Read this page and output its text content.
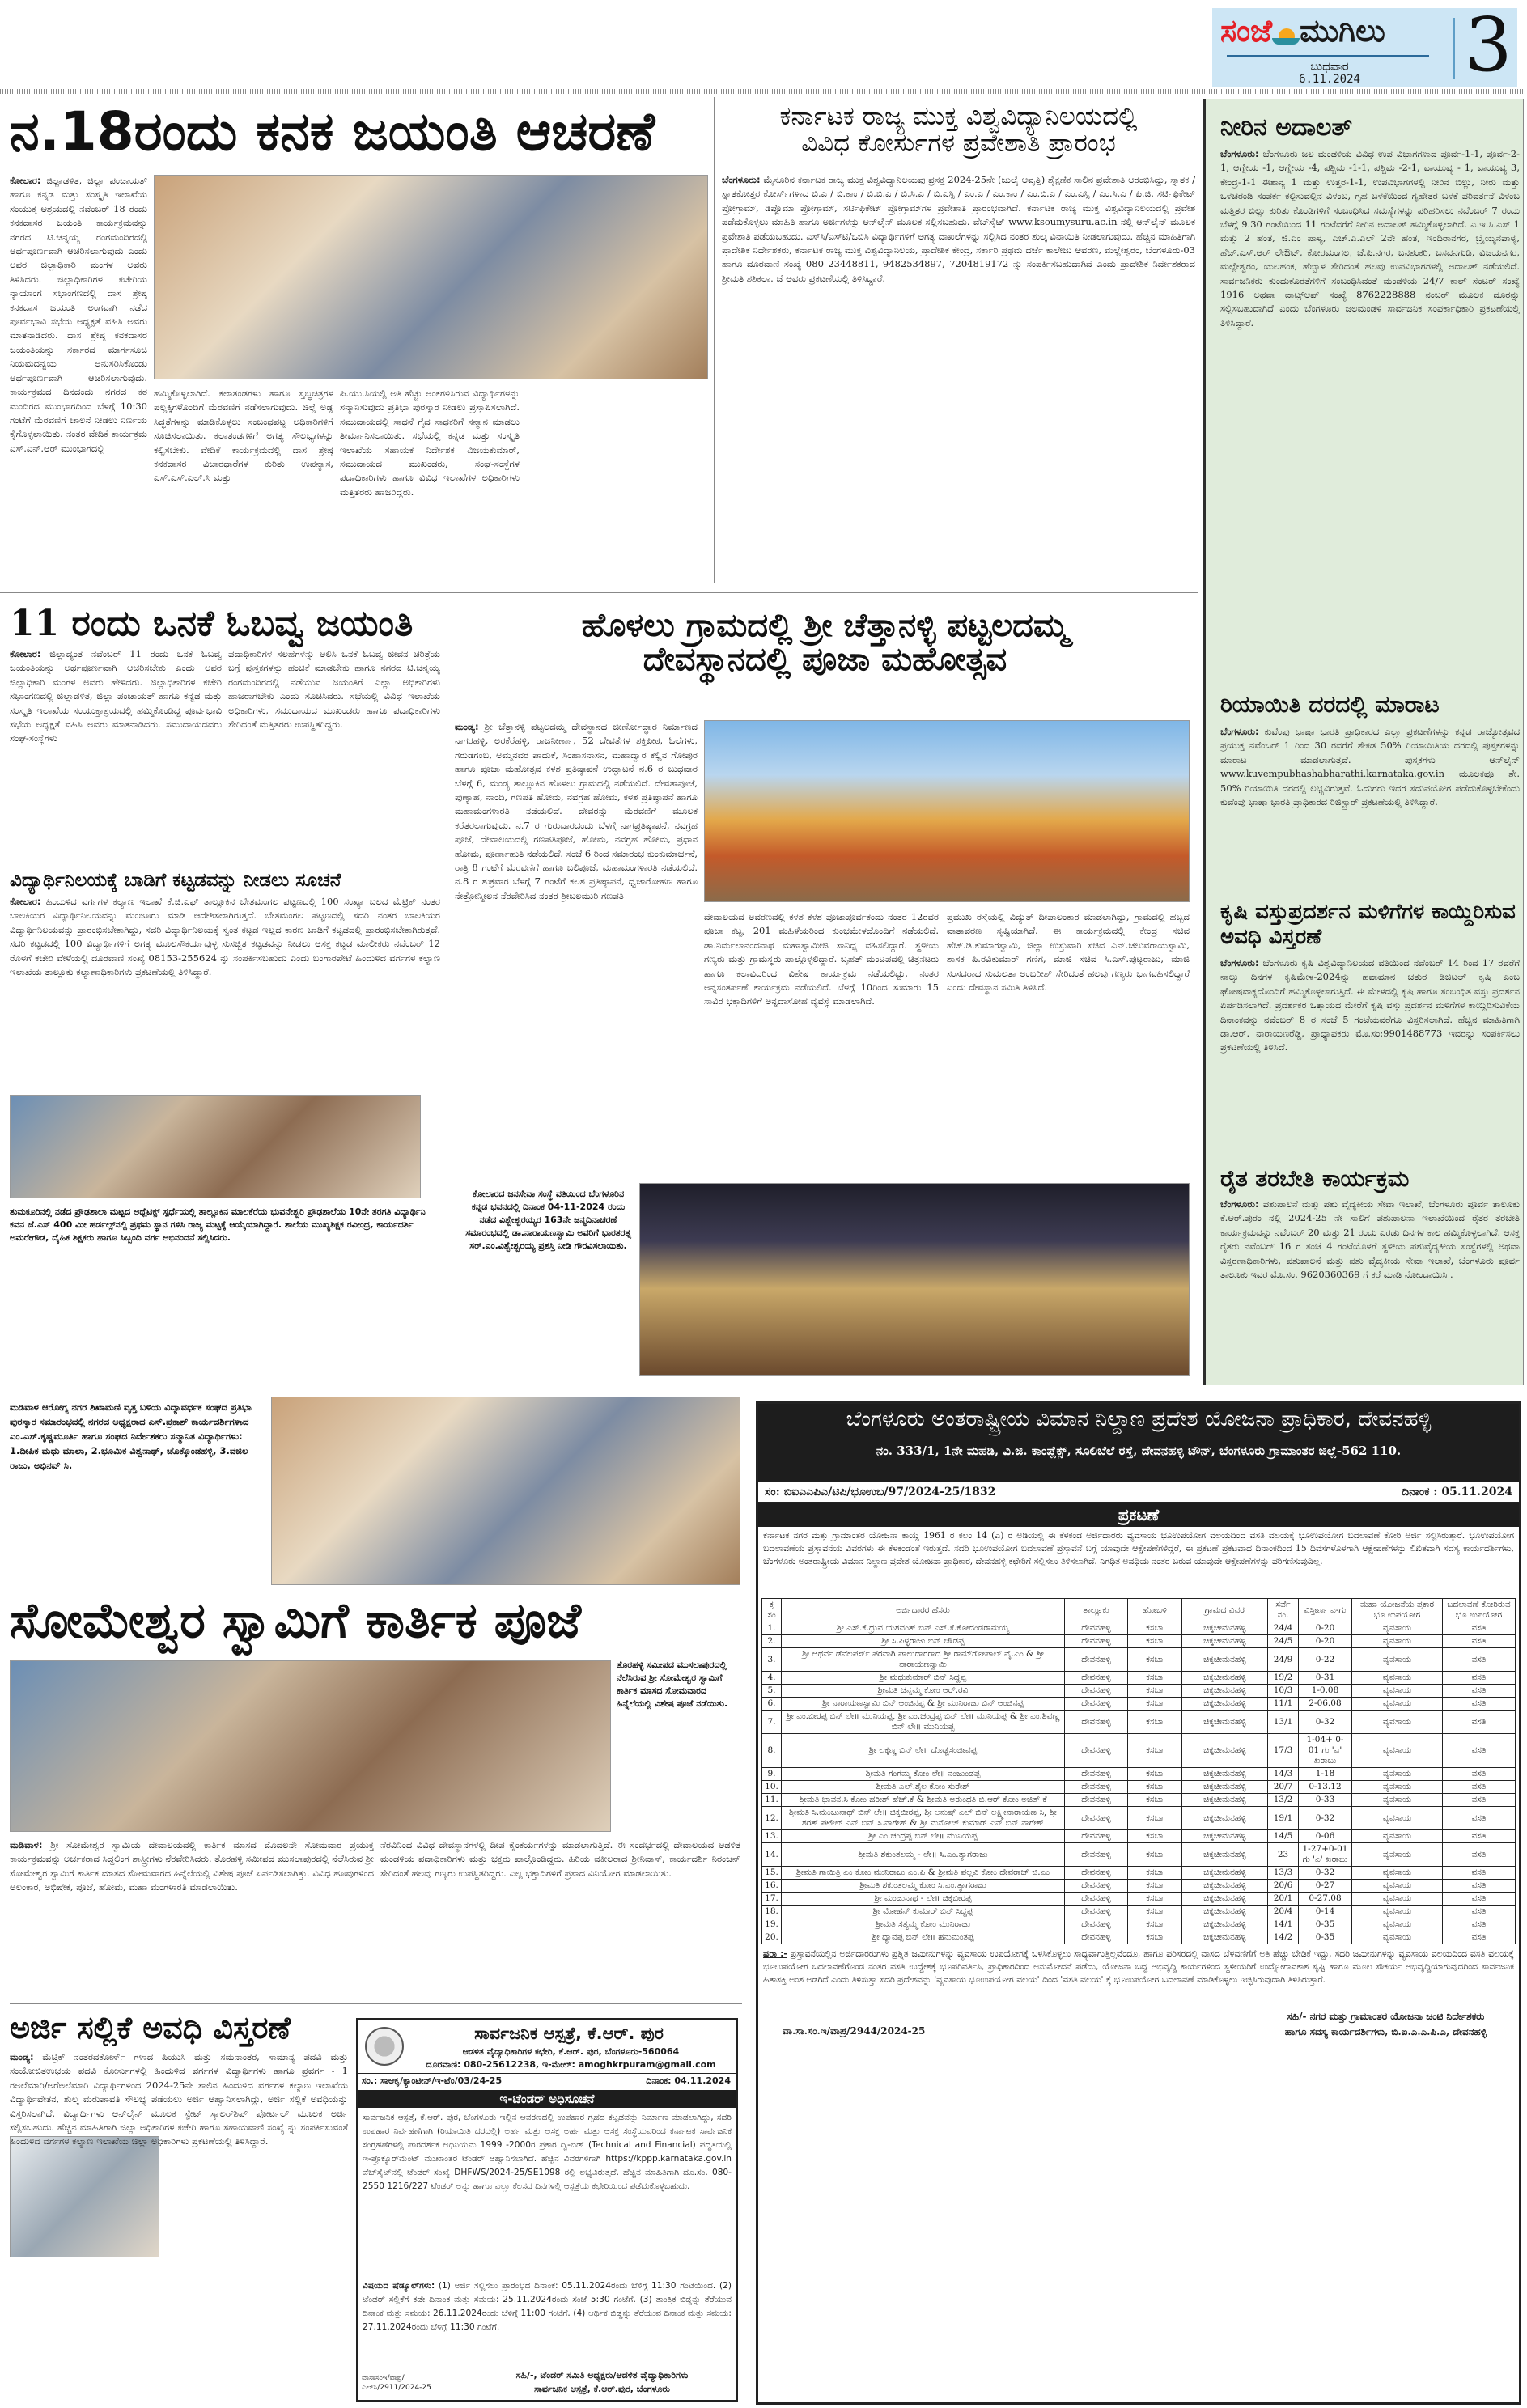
ಸಂಜೆ ಮುಗಿಲು
ಬುಧವಾರ
6.11.2024	3
ನ.18ರಂದು ಕನಕ ಜಯಂತಿ ಆಚರಣೆ
ಕೋಲಾರ: ಜಿಲ್ಲಾಡಳಿತ, ಜಿಲ್ಲಾ ಪಂಚಾಯತ್ ಹಾಗೂ ಕನ್ನಡ ಮತ್ತು ಸಂಸ್ಕೃತಿ ಇಲಾಖೆಯ ಸಂಯುಕ್ತ ಆಶ್ರಯದಲ್ಲಿ ನವೆಂಬರ್ 18 ರಂದು ಕನಕದಾಸರ ಜಯಂತಿ ಕಾರ್ಯಕ್ರಮವನ್ನು ನಗರದ ಟಿ.ಚನ್ನಯ್ಯ ರಂಗಮಂದಿರದಲ್ಲಿ ಅರ್ಥಪೂರ್ಣವಾಗಿ ಆಚರಿಸಲಾಗುವುದು ಎಂದು ಅಪರ ಜಿಲ್ಲಾಧಿಕಾರಿ ಮಂಗಳ ಅವರು ತಿಳಿಸಿದರು. ಜಿಲ್ಲಾಧಿಕಾರಿಗಳ ಕಚೇರಿಯ ನ್ಯಾಯಾಂಗ ಸಭಾಂಗಣದಲ್ಲಿ ದಾಸ ಶ್ರೇಷ್ಠ ಕನಕದಾಸ ಜಯಂತಿ ಅಂಗವಾಗಿ ನಡೆದ ಪೂರ್ವಭಾವಿ ಸಭೆಯ ಅಧ್ಯಕ್ಷತೆ ವಹಿಸಿ ಅವರು ಮಾತನಾಡಿದರು. ದಾಸ ಶ್ರೇಷ್ಠ ಕನಕದಾಸರ ಜಯಂತಿಯನ್ನು ಸರ್ಕಾರದ ಮಾರ್ಗಸೂಚಿ ನಿಯಮದನ್ವಯ ಅನುಸರಿಸಿಕೊಂಡು ಅರ್ಥಪೂರ್ಣವಾಗಿ ಆಚರಿಸಲಾಗುವುದು. ಕಾರ್ಯಕ್ರಮದ ದಿನದಂದು ನಗರದ ಕಠ ಮಂದಿರದ ಮುಂಭಾಗದಿಂದ ಬೆಳಗ್ಗೆ 10:30 ಗಂಟೆಗೆ ಮೆರವಣಿಗೆ ಚಾಲನೆ ನೀಡಲು ನಿರ್ಣಯ ಕೈಗೊಳ್ಳಲಾಯಿತು. ನಂತರ ವೇದಿಕೆ ಕಾರ್ಯಕ್ರಮ ಎಸ್.ಎನ್.ಆರ್ ಮುಂಭಾಗದಲ್ಲಿ
ಹಮ್ಮಿಕೊಳ್ಳಲಾಗಿದೆ. ಕಲಾತಂಡಗಳು ಹಾಗೂ ಸ್ತಬ್ಧಚಿತ್ರಗಳ ಪಲ್ಲಕ್ಕಿಗಳೊಂದಿಗೆ ಮೆರವಣಿಗೆ ನಡೆಸಲಾಗುವುದು. ಜಿಲ್ಲೆ ಅಡ್ಡ ಸಿದ್ಧತೆಗಳನ್ನು ಮಾಡಿಕೊಳ್ಳಲು ಸಂಬಂಧಪಟ್ಟ ಅಧಿಕಾರಿಗಳಿಗೆ ಸೂಚಿಸಲಾಯಿತು. ಕಲಾತಂಡಗಳಿಗೆ ಅಗತ್ಯ ಸೌಲಭ್ಯಗಳನ್ನು ಕಲ್ಪಿಸಬೇಕು. ವೇದಿಕೆ ಕಾರ್ಯಕ್ರಮದಲ್ಲಿ ದಾಸ ಶ್ರೇಷ್ಠ ಕನಕದಾಸರ ವಿಚಾರಧಾರೆಗಳ ಕುರಿತು ಉಪನ್ಯಾಸ, ಎಸ್.ಎಸ್.ಎಲ್.ಸಿ ಮತ್ತು
ಪಿ.ಯು.ಸಿಯಲ್ಲಿ ಅತಿ ಹೆಚ್ಚು ಅಂಕಗಳಿಸಿರುವ ವಿದ್ಯಾರ್ಥಿಗಳನ್ನು ಸನ್ಮಾನಿಸುವುದು ಪ್ರತಿಭಾ ಪುರಸ್ಕಾರ ನೀಡಲು ಪ್ರಸ್ತಾಪಿಸಲಾಗಿದೆ. ಸಮುದಾಯದಲ್ಲಿ ಸಾಧನೆ ಗೈದ ಸಾಧಕರಿಗೆ ಸನ್ಮಾನ ಮಾಡಲು ತೀರ್ಮಾನಿಸಲಾಯಿತು. ಸಭೆಯಲ್ಲಿ ಕನ್ನಡ ಮತ್ತು ಸಂಸ್ಕೃತಿ ಇಲಾಖೆಯ ಸಹಾಯಕ ನಿರ್ದೇಶಕ ವಿಜಯಕುಮಾರ್, ಸಮುದಾಯದ ಮುಖಂಡರು, ಸಂಘ-ಸಂಸ್ಥೆಗಳ ಪದಾಧಿಕಾರಿಗಳು ಹಾಗೂ ವಿವಿಧ ಇಲಾಖೆಗಳ ಅಧಿಕಾರಿಗಳು ಮತ್ತಿತರರು ಹಾಜರಿದ್ದರು.
ಕರ್ನಾಟಕ ರಾಜ್ಯ ಮುಕ್ತ ವಿಶ್ವವಿದ್ಯಾನಿಲಯದಲ್ಲಿ
ವಿವಿಧ ಕೋರ್ಸುಗಳ ಪ್ರವೇಶಾತಿ ಪ್ರಾರಂಭ
ಬೆಂಗಳೂರು: ಮೈಸೂರಿನ ಕರ್ನಾಟಕ ರಾಜ್ಯ ಮುಕ್ತ ವಿಶ್ವವಿದ್ಯಾನಿಲಯವು ಪ್ರಸಕ್ತ 2024-25ನೇ (ಜುಲೈ ಆವೃತ್ತಿ) ಶೈಕ್ಷಣಿಕ ಸಾಲಿನ ಪ್ರವೇಶಾತಿ ಆರಂಭಿಸಿದ್ದು, ಸ್ನಾತಕ / ಸ್ನಾತಕೋತ್ತರ ಕೋರ್ಸ್‌ಗಳಾದ ಬಿ.ಎ / ಬಿ.ಕಾಂ / ಬಿ.ಬಿ.ಎ / ಬಿ.ಸಿ.ಎ / ಬಿ.ಎಸ್ಸಿ / ಎಂ.ಎ / ಎಂ.ಕಾಂ / ಎಂ.ಬಿ.ಎ / ಎಂ.ಎಸ್ಸಿ / ಎಂ.ಸಿ.ಎ / ಪಿ.ಜಿ. ಸರ್ಟಿಫಿಕೇಟ್ ಪ್ರೋಗ್ರಾಮ್, ಡಿಪ್ಲೊಮಾ ಪ್ರೋಗ್ರಾಮ್, ಸರ್ಟಿಫಿಕೇಟ್ ಪ್ರೋಗ್ರಾಮ್‌ಗಳ ಪ್ರವೇಶಾತಿ ಪ್ರಾರಂಭವಾಗಿದೆ. ಕರ್ನಾಟಕ ರಾಜ್ಯ ಮುಕ್ತ ವಿಶ್ವವಿದ್ಯಾನಿಲಯದಲ್ಲಿ ಪ್ರವೇಶ ಪಡೆದುಕೊಳ್ಳಲು ಮಾಹಿತಿ ಹಾಗೂ ಅರ್ಜಿಗಳನ್ನು ಆನ್‌ಲೈನ್ ಮೂಲಕ ಸಲ್ಲಿಸಬಹುದು. ವೆಬ್‌ಸೈಟ್ www.ksoumysuru.ac.in ನಲ್ಲಿ ಆನ್‌ಲೈನ್ ಮೂಲಕ ಪ್ರವೇಶಾತಿ ಪಡೆಯಬಹುದು. ಎಸ್‌ಸಿ/ಎಸ್‌ಟಿ/ಒಬಿಸಿ ವಿದ್ಯಾರ್ಥಿಗಳಿಗೆ ಅಗತ್ಯ ದಾಖಲೆಗಳನ್ನು ಸಲ್ಲಿಸಿದ ನಂತರ ಶುಲ್ಕ ವಿನಾಯಿತಿ ನೀಡಲಾಗುವುದು. ಹೆಚ್ಚಿನ ಮಾಹಿತಿಗಾಗಿ ಪ್ರಾದೇಶಿಕ ನಿರ್ದೇಶಕರು, ಕರ್ನಾಟಕ ರಾಜ್ಯ ಮುಕ್ತ ವಿಶ್ವವಿದ್ಯಾನಿಲಯ, ಪ್ರಾದೇಶಿಕ ಕೇಂದ್ರ, ಸರ್ಕಾರಿ ಪ್ರಥಮ ದರ್ಜೆ ಕಾಲೇಜು ಆವರಣ, ಮಲ್ಲೇಶ್ವರಂ, ಬೆಂಗಳೂರು-03 ಹಾಗೂ ದೂರವಾಣಿ ಸಂಖ್ಯೆ 080 23448811, 9482534897, 7204819172 ನ್ನು ಸಂಪರ್ಕಿಸಬಹುದಾಗಿದೆ ಎಂದು ಪ್ರಾದೇಶಿಕ ನಿರ್ದೇಶಕರಾದ ಶ್ರೀಮತಿ ಶಶಿಕಲಾ. ಜೆ ಅವರು ಪ್ರಕಟಣೆಯಲ್ಲಿ ತಿಳಿಸಿದ್ದಾರೆ.
11 ರಂದು ಒನಕೆ ಓಬವ್ವ ಜಯಂತಿ
ಕೋಲಾರ: ಜಿಲ್ಲಾದ್ಯಂತ ನವೆಂಬರ್ 11 ರಂದು ಒನಕೆ ಓಬವ್ವ ಜಯಂತಿಯನ್ನು ಅರ್ಥಪೂರ್ಣವಾಗಿ ಆಚರಿಸಬೇಕು ಎಂದು ಅಪರ ಜಿಲ್ಲಾಧಿಕಾರಿ ಮಂಗಳ ಅವರು ಹೇಳಿದರು. ಜಿಲ್ಲಾಧಿಕಾರಿಗಳ ಕಚೇರಿ ಸಭಾಂಗಣದಲ್ಲಿ ಜಿಲ್ಲಾಡಳಿತ, ಜಿಲ್ಲಾ ಪಂಚಾಯತ್ ಹಾಗೂ ಕನ್ನಡ ಮತ್ತು ಸಂಸ್ಕೃತಿ ಇಲಾಖೆಯ ಸಂಯುಕ್ತಾಶ್ರಯದಲ್ಲಿ ಹಮ್ಮಿಕೊಂಡಿದ್ದ ಪೂರ್ವಭಾವಿ ಸಭೆಯ ಅಧ್ಯಕ್ಷತೆ ವಹಿಸಿ ಅವರು ಮಾತನಾಡಿದರು. ಸಮುದಾಯದವರು ಸಂಘ-ಸಂಸ್ಥೆಗಳು
ಪದಾಧಿಕಾರಿಗಳ ಸಲಹೆಗಳನ್ನು ಆಲಿಸಿ ಒನಕೆ ಓಬವ್ವ ಜೀವನ ಚರಿತ್ರೆಯ ಬಗ್ಗೆ ಪುಸ್ತಕಗಳನ್ನು ಹಂಚಿಕೆ ಮಾಡಬೇಕು ಹಾಗೂ ನಗರದ ಟಿ.ಚನ್ನಯ್ಯ ರಂಗಮಂದಿರದಲ್ಲಿ ನಡೆಯುವ ಜಯಂತಿಗೆ ಎಲ್ಲಾ ಅಧಿಕಾರಿಗಳು ಹಾಜರಾಗಬೇಕು ಎಂದು ಸೂಚಿಸಿದರು. ಸಭೆಯಲ್ಲಿ ವಿವಿಧ ಇಲಾಖೆಯ ಅಧಿಕಾರಿಗಳು, ಸಮುದಾಯದ ಮುಖಂಡರು ಹಾಗೂ ಪದಾಧಿಕಾರಿಗಳು ಸೇರಿದಂತೆ ಮತ್ತಿತರರು ಉಪಸ್ಥಿತರಿದ್ದರು.
ವಿದ್ಯಾರ್ಥಿನಿಲಯಕ್ಕೆ ಬಾಡಿಗೆ ಕಟ್ಟಡವನ್ನು ನೀಡಲು ಸೂಚನೆ
ಕೋಲಾರ: ಹಿಂದುಳಿದ ವರ್ಗಗಳ ಕಲ್ಯಾಣ ಇಲಾಖೆ ಕೆ.ಜಿ.ಎಫ್ ತಾಲ್ಲೂಕಿನ ಬೇತಮಂಗಲ ಪಟ್ಟಣದಲ್ಲಿ 100 ಸಂಖ್ಯಾ ಬಲದ ಮೆಟ್ರಿಕ್ ನಂತರ ಬಾಲಕಿಯರ ವಿದ್ಯಾರ್ಥಿನಿಲಯವನ್ನು ಮಂಜೂರು ಮಾಡಿ ಆದೇಶಿಸಲಾಗಿರುತ್ತದೆ. ಬೇತಮಂಗಲ ಪಟ್ಟಣದಲ್ಲಿ ಸದರಿ ನಂತರ ಬಾಲಕಿಯರ ವಿದ್ಯಾರ್ಥಿನಿಲಯವನ್ನು ಪ್ರಾರಂಭಿಸಬೇಕಾಗಿದ್ದು, ಸದರಿ ವಿದ್ಯಾರ್ಥಿನಿಲಯಕ್ಕೆ ಸ್ವಂತ ಕಟ್ಟಡ ಇಲ್ಲದ ಕಾರಣ ಬಾಡಿಗೆ ಕಟ್ಟಡದಲ್ಲಿ ಪ್ರಾರಂಭಿಸಬೇಕಾಗಿರುತ್ತದೆ. ಸದರಿ ಕಟ್ಟಡದಲ್ಲಿ 100 ವಿದ್ಯಾರ್ಥಿಗಳಿಗೆ ಅಗತ್ಯ ಮೂಲಸೌಕರ್ಯವುಳ್ಳ ಸುಸಜ್ಜಿತ ಕಟ್ಟಡವನ್ನು ನೀಡಲು ಆಸಕ್ತ ಕಟ್ಟಡ ಮಾಲೀಕರು ನವೆಂಬರ್ 12 ರೊಳಗೆ ಕಚೇರಿ ವೇಳೆಯಲ್ಲಿ ದೂರವಾಣಿ ಸಂಖ್ಯೆ 08153-255624 ನ್ನು ಸಂಪರ್ಕಿಸಬಹುದು ಎಂದು ಬಂಗಾರಪೇಟೆ ಹಿಂದುಳಿದ ವರ್ಗಗಳ ಕಲ್ಯಾಣ ಇಲಾಖೆಯ ತಾಲ್ಲೂಕು ಕಲ್ಯಾಣಾಧಿಕಾರಿಗಳು ಪ್ರಕಟಣೆಯಲ್ಲಿ ತಿಳಿಸಿದ್ದಾರೆ.
ತುಮಕೂರಿನಲ್ಲಿ ನಡೆದ ಪ್ರೌಢಶಾಲಾ ಮಟ್ಟದ ಅಥ್ಲೆಟಿಕ್ಸ್ ಸ್ಪರ್ಧೆಯಲ್ಲಿ ತಾಲ್ಲೂಕಿನ ಮಾಲಕೆರೆಯ ಭುವನೇಶ್ವರಿ ಪ್ರೌಢಶಾಲೆಯ 10ನೇ ತರಗತಿ ವಿದ್ಯಾರ್ಥಿನಿ ಕವನ ಜೆ.ಎಸ್ 400 ಮೀ ಹರ್ಡಲ್ಸ್‌ನಲ್ಲಿ ಪ್ರಥಮ ಸ್ಥಾನ ಗಳಿಸಿ ರಾಜ್ಯ ಮಟ್ಟಕ್ಕೆ ಆಯ್ಕೆಯಾಗಿದ್ದಾರೆ. ಶಾಲೆಯ ಮುಖ್ಯಶಿಕ್ಷಕ ರವೀಂದ್ರ, ಕಾರ್ಯದರ್ಶಿ ಅಮರೇಗೌಡ, ದೈಹಿಕ ಶಿಕ್ಷಕರು ಹಾಗೂ ಸಿಬ್ಬಂದಿ ವರ್ಗ ಅಭಿನಂದನೆ ಸಲ್ಲಿಸಿದರು.
ಹೊಳಲು ಗ್ರಾಮದಲ್ಲಿ ಶ್ರೀ ಚೆತ್ತಾನಳ್ಳಿ ಪಟ್ಟಲದಮ್ಮ
ದೇವಸ್ಥಾನದಲ್ಲಿ ಪೂಜಾ ಮಹೋತ್ಸವ
ಮಂಡ್ಯ: ಶ್ರೀ ಚೆತ್ತಾನಳ್ಳಿ ಪಟ್ಟಲದಮ್ಮ ದೇವಸ್ಥಾನದ ಜೀರ್ಣೋದ್ಧಾರ ನಿರ್ಮಾಣದ ನಾಗರಹಳ್ಳಿ, ಅರಕೆರೆಹಳ್ಳಿ, ರಾಜನೀರ್ಣಾ, 52 ದೇವತೆಗಳ ಶಕ್ತಿಪೀಠ, ಓಲೆಗಳು, ಗರುಡಗಂಬ, ಅಮ್ಮನವರ ಪಾದುಕೆ, ಸಿಂಹಾಸನಾಸನ, ಮಹಾದ್ವಾರ ಕಲ್ಲಿನ ಗೋಪುರ ಹಾಗೂ ಪೂಜಾ ಮಹೋತ್ಸವ ಕಳಶ ಪ್ರತಿಷ್ಠಾಪನೆ ಉದ್ಘಾಟನೆ ನ.6 ರ ಬುಧವಾರ ಬೆಳಗ್ಗೆ 6, ಮಂಡ್ಯ ತಾಲ್ಲೂಕಿನ ಹೊಳಲು ಗ್ರಾಮದಲ್ಲಿ ನಡೆಯಲಿದೆ. ದೇವತಾಪೂಜೆ, ಪುಣ್ಯಾಹ, ನಾಂದಿ, ಗಣಪತಿ ಹೋಮ, ನವಗ್ರಹ ಹೋಮ, ಕಳಶ ಪ್ರತಿಷ್ಠಾಪನೆ ಹಾಗೂ ಮಹಾಮಂಗಳಾರತಿ ನಡೆಯಲಿದೆ. ದೇವರನ್ನು ಮೆರವಣಿಗೆ ಮೂಲಕ ಕರೆತರಲಾಗುವುದು. ನ.7 ರ ಗುರುವಾರದಂದು ಬೆಳಗ್ಗೆ ನಾಗಪ್ರತಿಷ್ಠಾಪನೆ, ನವಗ್ರಹ ಪೂಜೆ, ದೇವಾಲಯದಲ್ಲಿ ಗಣಪತಿಪೂಜೆ, ಹೋಮ, ನವಗ್ರಹ ಹೋಮ, ಪ್ರಧಾನ ಹೋಮ, ಪೂರ್ಣಾಹುತಿ ನಡೆಯಲಿದೆ. ಸಂಜೆ 6 ರಿಂದ ಸಮಾರಂಭ ಕುಂಕುಮಾರ್ಚನೆ, ರಾತ್ರಿ 8 ಗಂಟೆಗೆ ಮೆರವಣಿಗೆ ಹಾಗೂ ಬಲಿಪೂಜೆ, ಮಹಾಮಂಗಳಾರತಿ ನಡೆಯಲಿದೆ. ನ.8 ರ ಶುಕ್ರವಾರ ಬೆಳಗ್ಗೆ 7 ಗಂಟೆಗೆ ಕಲಶ ಪ್ರತಿಷ್ಠಾಪನೆ, ಧ್ವಜಾರೋಹಣ ಹಾಗೂ ನೇತ್ರೋನ್ಮೀಲನ ನೆರವೇರಿಸಿದ ನಂತರ ಶ್ರೀಬಲಮುರಿ ಗಣಪತಿ
ದೇವಾಲಯದ ಅವರಣದಲ್ಲಿ ಕಳಶ ಕಳಶ ಪೂಜಾಪೂರ್ವಕಂದು ನಂತರ 12ರವರ ಪೂಜಾ ಕಟ್ಟ, 201 ಮಹಿಳೆಯರಿಂದ ಕುಂಭಮೇಳದೊಂದಿಗೆ ನಡೆಯಲಿದೆ. ಡಾ.ನಿರ್ಮಲಾನಂದನಾಥ ಮಹಾಸ್ವಾಮೀಜಿ ಸಾನಿಧ್ಯ ವಹಿಸಲಿದ್ದಾರೆ. ಸ್ಥಳೀಯ ಗಣ್ಯರು ಮತ್ತು ಗ್ರಾಮಸ್ಥರು ಪಾಲ್ಗೊಳ್ಳಲಿದ್ದಾರೆ. ಬೃಹತ್ ಮಂಟಪದಲ್ಲಿ ಚಿತ್ರನಟರು ಹಾಗೂ ಕಲಾವಿದರಿಂದ ವಿಶೇಷ ಕಾರ್ಯಕ್ರಮ ನಡೆಯಲಿದ್ದು, ನಂತರ ಅನ್ನಸಂತರ್ಪಣೆ ಕಾರ್ಯಕ್ರಮ ನಡೆಯಲಿದೆ. ಬೆಳಗ್ಗೆ 10ರಿಂದ ಸುಮಾರು 15 ಸಾವಿರ ಭಕ್ತಾದಿಗಳಿಗೆ ಅನ್ನದಾಸೋಹ ವ್ಯವಸ್ಥೆ ಮಾಡಲಾಗಿದೆ.
ಪ್ರಮುಖ ರಸ್ತೆಯಲ್ಲಿ ವಿದ್ಯುತ್ ದೀಪಾಲಂಕಾರ ಮಾಡಲಾಗಿದ್ದು, ಗ್ರಾಮದಲ್ಲಿ ಹಬ್ಬದ ವಾತಾವರಣ ಸೃಷ್ಟಿಯಾಗಿದೆ. ಈ ಕಾರ್ಯಕ್ರಮದಲ್ಲಿ ಕೇಂದ್ರ ಸಚಿವ ಹೆಚ್.ಡಿ.ಕುಮಾರಸ್ವಾಮಿ, ಜಿಲ್ಲಾ ಉಸ್ತುವಾರಿ ಸಚಿವ ಎನ್.ಚಲುವರಾಯಸ್ವಾಮಿ, ಶಾಸಕ ಪಿ.ರವಿಕುಮಾರ್ ಗಣಿಗ, ಮಾಜಿ ಸಚಿವ ಸಿ.ಎಸ್.ಪುಟ್ಟರಾಜು, ಮಾಜಿ ಸಂಸದರಾದ ಸುಮಲತಾ ಅಂಬರೀಶ್ ಸೇರಿದಂತೆ ಹಲವು ಗಣ್ಯರು ಭಾಗವಹಿಸಲಿದ್ದಾರೆ ಎಂದು ದೇವಸ್ಥಾನ ಸಮಿತಿ ತಿಳಿಸಿದೆ.
ಕೋಲಾರದ ಜನಸೇವಾ ಸಂಸ್ಥೆ ವತಿಯಿಂದ ಬೆಂಗಳೂರಿನ ಕನ್ನಡ ಭವನದಲ್ಲಿ ದಿನಾಂಕ 04-11-2024 ರಂದು ನಡೆದ ವಿಶ್ವೇಶ್ವರಯ್ಯರ 163ನೇ ಜನ್ಮದಿನಾಚರಣೆ ಸಮಾರಂಭದಲ್ಲಿ ಡಾ.ನಾರಾಯಣಸ್ವಾಮಿ ಅವರಿಗೆ ಭಾರತರತ್ನ ಸರ್.ಎಂ.ವಿಶ್ವೇಶ್ವರಯ್ಯ ಪ್ರಶಸ್ತಿ ನೀಡಿ ಗೌರವಿಸಲಾಯಿತು.
ನೀರಿನ ಅದಾಲತ್
ಬೆಂಗಳೂರು: ಬೆಂಗಳೂರು ಜಲ ಮಂಡಳಿಯ ವಿವಿಧ ಉಪ ವಿಭಾಗಗಳಾದ ಪೂರ್ವ-1-1, ಪೂರ್ವ-2-1, ಆಗ್ನೇಯ -1, ಆಗ್ನೇಯ -4, ಪಶ್ಚಿಮ -1-1, ಪಶ್ಚಿಮ -2-1, ವಾಯುವ್ಯ - 1, ವಾಯುವ್ಯ 3, ಕೇಂದ್ರ-1-1 ಈಶಾನ್ಯ 1 ಮತ್ತು ಉತ್ತರ-1-1, ಉಪವಿಭಾಗಗಳಲ್ಲಿ ನೀರಿನ ಬಿಲ್ಲು, ನೀರು ಮತ್ತು ಒಳಚರಂಡಿ ಸಂಪರ್ಕ ಕಲ್ಪಿಸುವಲ್ಲಿನ ವಿಳಂಬ, ಗೃಹ ಬಳಕೆಯಿಂದ ಗೃಹೇತರ ಬಳಕೆ ಪರಿವರ್ತನೆ ವಿಳಂಬ ಮತ್ತಿತರ ಬಿಲ್ಲು ಕುರಿತು ಕೊಂಡಿಗಳಿಗೆ ಸಂಬಂಧಿಸಿದ ಸಮಸ್ಯೆಗಳನ್ನು ಪರಿಹರಿಸಲು ನವೆಂಬರ್ 7 ರಂದು ಬೆಳಗ್ಗೆ 9.30 ಗಂಟೆಯಿಂದ 11 ಗಂಟೆವರೆಗೆ ನೀರಿನ ಅದಾಲತ್ ಹಮ್ಮಿಕೊಳ್ಳಲಾಗಿದೆ. ಎ.ಇ.ಸಿ.ಎಸ್ 1 ಮತ್ತು 2 ಹಂತ, ಜಿ.ಎಂ ಪಾಳ್ಯ, ಎಚ್.ಎ.ಎಲ್ 2ನೇ ಹಂತ, ಇಂದಿರಾನಗರ, ಬ್ರೈಯ್ಯನಪಾಳ್ಯ, ಹೆಚ್.ಎಸ್.ಆರ್ ಲೇಔಟ್, ಕೋರಮಂಗಲ, ಜೆ.ಪಿ.ನಗರ, ಬನಶಂಕರಿ, ಬಸವನಗುಡಿ, ವಿಜಯನಗರ, ಮಲ್ಲೇಶ್ವರಂ, ಯಲಹಂಕ, ಹೆಬ್ಬಾಳ ಸೇರಿದಂತೆ ಹಲವು ಉಪವಿಭಾಗಗಳಲ್ಲಿ ಅದಾಲತ್ ನಡೆಯಲಿದೆ. ಸಾರ್ವಜನಿಕರು ಕುಂದುಕೊರತೆಗಳಿಗೆ ಸಂಬಂಧಿಸಿದಂತೆ ಮಂಡಳಿಯ 24/7 ಕಾಲ್ ಸೆಂಟರ್ ಸಂಖ್ಯೆ 1916 ಅಥವಾ ವಾಟ್ಸ್‌ಆಪ್ ಸಂಖ್ಯೆ 8762228888 ನಂಬರ್ ಮೂಲಕ ದೂರನ್ನು ಸಲ್ಲಿಸಬಹುದಾಗಿದೆ ಎಂದು ಬೆಂಗಳೂರು ಜಲಮಂಡಳಿ ಸಾರ್ವಜನಿಕ ಸಂಪರ್ಕಾಧಿಕಾರಿ ಪ್ರಕಟಣೆಯಲ್ಲಿ ತಿಳಿಸಿದ್ದಾರೆ.
ರಿಯಾಯಿತಿ ದರದಲ್ಲಿ ಮಾರಾಟ
ಬೆಂಗಳೂರು: ಕುವೆಂಪು ಭಾಷಾ ಭಾರತಿ ಪ್ರಾಧಿಕಾರದ ಎಲ್ಲಾ ಪ್ರಕಟಣೆಗಳನ್ನು ಕನ್ನಡ ರಾಜ್ಯೋತ್ಸವದ ಪ್ರಯುಕ್ತ ನವೆಂಬರ್ 1 ರಿಂದ 30 ರವರೆಗೆ ಶೇಕಡ 50% ರಿಯಾಯಿತಿಯ ದರದಲ್ಲಿ ಪುಸ್ತಕಗಳನ್ನು ಮಾರಾಟ ಮಾಡಲಾಗುತ್ತದೆ. ಪುಸ್ತಕಗಳು ಆನ್‌ಲೈನ್ www.kuvempubhashabharathi.karnataka.gov.in ಮೂಲಕವೂ ಶೇ. 50% ರಿಯಾಯಿತಿ ದರದಲ್ಲಿ ಲಭ್ಯವಿರುತ್ತವೆ. ಓದುಗರು ಇದರ ಸದುಪಯೋಗ ಪಡೆದುಕೊಳ್ಳಬೇಕೆಂದು ಕುವೆಂಪು ಭಾಷಾ ಭಾರತಿ ಪ್ರಾಧಿಕಾರದ ರಿಜಿಸ್ಟ್ರಾರ್ ಪ್ರಕಟಣೆಯಲ್ಲಿ ತಿಳಿಸಿದ್ದಾರೆ.
ಕೃಷಿ ವಸ್ತುಪ್ರದರ್ಶನ ಮಳಿಗೆಗಳ ಕಾಯ್ದಿರಿಸುವ ಅವಧಿ ವಿಸ್ತರಣೆ
ಬೆಂಗಳೂರು: ಬೆಂಗಳೂರು ಕೃಷಿ ವಿಶ್ವವಿದ್ಯಾನಿಲಯದ ವತಿಯಿಂದ ನವೆಂಬರ್ 14 ರಿಂದ 17 ರವರೆಗೆ ನಾಲ್ಕು ದಿನಗಳ ಕೃಷಿಮೇಳ-2024ನ್ನು ಹವಾಮಾನ ಚತುರ ಡಿಜಿಟಲ್ ಕೃಷಿ ಎಂಬ ಘೋಷವಾಕ್ಯದೊಂದಿಗೆ ಹಮ್ಮಿಕೊಳ್ಳಲಾಗುತ್ತಿದೆ. ಈ ಮೇಳದಲ್ಲಿ ಕೃಷಿ ಹಾಗೂ ಸಂಬಂಧಿತ ವಸ್ತು ಪ್ರದರ್ಶನ ಏರ್ಪಡಿಸಲಾಗಿದೆ. ಪ್ರದರ್ಶಕರ ಒತ್ತಾಯದ ಮೇರೆಗೆ ಕೃಷಿ ವಸ್ತು ಪ್ರದರ್ಶನ ಮಳಿಗೆಗಳ ಕಾಯ್ದಿರಿಸುವಿಕೆಯ ದಿನಾಂಕವನ್ನು ನವೆಂಬರ್ 8 ರ ಸಂಜೆ 5 ಗಂಟೆಯವರೆಗೂ ವಿಸ್ತರಿಸಲಾಗಿದೆ. ಹೆಚ್ಚಿನ ಮಾಹಿತಿಗಾಗಿ ಡಾ.ಆರ್. ನಾರಾಯಣರೆಡ್ಡಿ, ಪ್ರಾಧ್ಯಾಪಕರು ಮೊ.ಸಂ:9901488773 ಇವರನ್ನು ಸಂಪರ್ಕಿಸಲು ಪ್ರಕಟಣೆಯಲ್ಲಿ ತಿಳಿಸಿದೆ.
ರೈತ ತರಬೇತಿ ಕಾರ್ಯಕ್ರಮ
ಬೆಂಗಳೂರು: ಪಶುಪಾಲನೆ ಮತ್ತು ಪಶು ವೈದ್ಯಕೀಯ ಸೇವಾ ಇಲಾಖೆ, ಬೆಂಗಳೂರು ಪೂರ್ವ ತಾಲೂಕು ಕೆ.ಆರ್.ಪುರಂ ನಲ್ಲಿ 2024-25 ನೇ ಸಾಲಿಗೆ ಪಶುಪಾಲನಾ ಇಲಾಖೆಯಿಂದ ರೈತರ ತರಬೇತಿ ಕಾರ್ಯಕ್ರಮವನ್ನು ನವೆಂಬರ್ 20 ಮತ್ತು 21 ರಂದು ಎರಡು ದಿನಗಳ ಕಾಲ ಹಮ್ಮಿಕೊಳ್ಳಲಾಗಿದೆ. ಆಸಕ್ತ ರೈತರು ನವೆಂಬರ್ 16 ರ ಸಂಜೆ 4 ಗಂಟೆಯೊಳಗೆ ಸ್ಥಳೀಯ ಪಶುವೈದ್ಯಕೀಯ ಸಂಸ್ಥೆಗಳಲ್ಲಿ ಅಥವಾ ವಿಸ್ತರಣಾಧಿಕಾರಿಗಳು, ಪಶುಪಾಲನೆ ಮತ್ತು ಪಶು ವೈದ್ಯಕೀಯ ಸೇವಾ ಇಲಾಖೆ, ಬೆಂಗಳೂರು ಪೂರ್ವ ತಾಲೂಕು ಇವರ ಮೊ.ಸಂ. 9620360369 ಗೆ ಕರೆ ಮಾಡಿ ನೋಂದಾಯಿಸಿ .
ಮಡಿವಾಳ ಆರೋಗ್ಯ ನಗರ ಶಿಖಾಮಣಿ ವೃತ್ತ ಬಳಿಯ ವಿದ್ಯಾವರ್ಧಕ ಸಂಘದ ಪ್ರತಿಭಾ ಪುರಸ್ಕಾರ ಸಮಾರಂಭದಲ್ಲಿ ನಗರದ ಅಧ್ಯಕ್ಷರಾದ ಎಸ್.ಪ್ರಕಾಶ್ ಕಾರ್ಯದರ್ಶಿಗಳಾದ ಎಂ.ಎಸ್.ಕೃಷ್ಣಮೂರ್ತಿ ಹಾಗೂ ಸಂಘದ ನಿರ್ದೇಶಕರು ಸನ್ಮಾನಿತ ವಿದ್ಯಾರ್ಥಿಗಳು: 1.ದೀಪಿಕ ಮಧು ಮಾಲಾ, 2.ಭೂಮಿಕ ವಿಶ್ವನಾಥ್, ಚೊಕ್ಕೊಂಡಹಳ್ಳಿ, 3.ವಜಿಲ ರಾಜು, ಅಭಿನವ್ ಸಿ.
ಸೋಮೇಶ್ವರ ಸ್ವಾಮಿಗೆ ಕಾರ್ತಿಕ ಪೂಜೆ
ತೊರಹಳ್ಳಿ ಸಮೀಪದ ಮುಸಲಾಪುರದಲ್ಲಿ ನೆಲೆಸಿರುವ ಶ್ರೀ ಸೋಮೇಶ್ವರ ಸ್ವಾಮಿಗೆ ಕಾರ್ತಿಕ ಮಾಸದ ಸೋಮವಾರದ ಹಿನ್ನೆಲೆಯಲ್ಲಿ ವಿಶೇಷ ಪೂಜೆ ನಡೆಯಿತು.
ಮಡಿವಾಳ: ಶ್ರೀ ಸೋಮೇಶ್ವರ ಸ್ವಾಮಿಯ ದೇವಾಲಯದಲ್ಲಿ ಕಾರ್ತಿಕ ಮಾಸದ ಮೊದಲನೇ ಸೋಮವಾರ ಪ್ರಯುಕ್ತ ಕಾರ್ಯಕ್ರಮವನ್ನು ಅರ್ಚಕರಾದ ಸಿದ್ದಲಿಂಗ ಶಾಸ್ತ್ರೀಗಳು ನೆರವೇರಿಸಿದರು. ತೊರಹಳ್ಳಿ ಸಮೀಪದ ಮುಸಲಾಪುರದಲ್ಲಿ ನೆಲೆಸಿರುವ ಶ್ರೀ ಸೋಮೇಶ್ವರ ಸ್ವಾಮಿಗೆ ಕಾರ್ತಿಕ ಮಾಸದ ಸೋಮವಾರದ ಹಿನ್ನೆಲೆಯಲ್ಲಿ ವಿಶೇಷ ಪೂಜೆ ಏರ್ಪಡಿಸಲಾಗಿತ್ತು. ವಿವಿಧ ಹೂವುಗಳಿಂದ ಅಲಂಕಾರ, ಅಭಿಷೇಕ, ಪೂಜೆ, ಹೋಮ, ಮಹಾ ಮಂಗಳಾರತಿ ಮಾಡಲಾಯಿತು.
ನೆರವಿನಿಂದ ವಿವಿಧ ದೇವಸ್ಥಾನಗಳಲ್ಲಿ ದೀಪ ಕೈಂಕರ್ಯಗಳನ್ನು ಮಾಡಲಾಗುತ್ತಿದೆ. ಈ ಸಂದರ್ಭದಲ್ಲಿ ದೇವಾಲಯದ ಆಡಳಿತ ಮಂಡಳಿಯ ಪದಾಧಿಕಾರಿಗಳು ಮತ್ತು ಭಕ್ತರು ಪಾಲ್ಗೊಂಡಿದ್ದರು. ಹಿರಿಯ ವಕೀಲರಾದ ಶ್ರೀನಿವಾಸ್, ಕಾರ್ಯದರ್ಶಿ ನಿರಂಜನ್ ಸೇರಿದಂತೆ ಹಲವು ಗಣ್ಯರು ಉಪಸ್ಥಿತರಿದ್ದರು. ಎಲ್ಲ ಭಕ್ತಾದಿಗಳಿಗೆ ಪ್ರಸಾದ ವಿನಿಯೋಗ ಮಾಡಲಾಯಿತು.
ಅರ್ಜಿ ಸಲ್ಲಿಕೆ ಅವಧಿ ವಿಸ್ತರಣೆ
ಮಂಡ್ಯ: ಮೆಟ್ರಿಕ್ ನಂತರದಕೋರ್ಸ್ ಗಳಾದ ಪಿಯುಸಿ ಮತ್ತು ಸಮನಾಂತರ, ಸಾಮಾನ್ಯ ಪದವಿ ಮತ್ತು ಸಂಯೋಜಿತಉಭಯ ಪದವಿ ಕೋರ್ಸುಗಳಲ್ಲಿ ಹಿಂದುಳಿದ ವರ್ಗಗಳ ವಿದ್ಯಾರ್ಥಿಗಳು ಹಾಗೂ ಪ್ರವರ್ಗ - 1 ರಅಲೆಮಾರಿ/ಅರೆಅಲೆಮಾರಿ ವಿದ್ಯಾರ್ಥಿಗಳಿಂದ 2024-25ನೇ ಸಾಲಿನ ಹಿಂದುಳಿದ ವರ್ಗಗಳ ಕಲ್ಯಾಣ ಇಲಾಖೆಯ ವಿದ್ಯಾರ್ಥಿವೇತನ, ಶುಲ್ಕ ಮರುಪಾವತಿ ಸೌಲಭ್ಯ ಪಡೆಯಲು ಅರ್ಜಿ ಆಹ್ವಾನಿಸಲಾಗಿದ್ದು, ಅರ್ಜಿ ಸಲ್ಲಿಕೆ ಅವಧಿಯನ್ನು ವಿಸ್ತರಿಸಲಾಗಿದೆ. ವಿದ್ಯಾರ್ಥಿಗಳು ಆನ್‌ಲೈನ್ ಮೂಲಕ ಸ್ಟೇಟ್ ಸ್ಕಾಲರ್‌ಶಿಪ್ ಪೋರ್ಟಲ್ ಮೂಲಕ ಅರ್ಜಿ ಸಲ್ಲಿಸಬಹುದು. ಹೆಚ್ಚಿನ ಮಾಹಿತಿಗಾಗಿ ಜಿಲ್ಲಾ ಅಧಿಕಾರಿಗಳ ಕಚೇರಿ ಹಾಗೂ ಸಹಾಯವಾಣಿ ಸಂಖ್ಯೆ ನ್ನು ಸಂಪರ್ಕಿಸುವಂತೆ ಹಿಂದುಳಿದ ವರ್ಗಗಳ ಕಲ್ಯಾಣ ಇಲಾಖೆಯ ಜಿಲ್ಲಾ ಅಧಿಕಾರಿಗಳು ಪ್ರಕಟಣೆಯಲ್ಲಿ ತಿಳಿಸಿದ್ದಾರೆ.
ಸಾರ್ವಜನಿಕ ಆಸ್ಪತ್ರೆ, ಕೆ.ಆರ್. ಪುರ
ಆಡಳಿತ ವೈದ್ಯಾಧಿಕಾರಿಗಳ ಕಛೇರಿ, ಕೆ.ಆರ್. ಪುರ, ಬೆಂಗಳೂರು-560064
ದೂರವಾಣಿ: 080-25612238, ಇ-ಮೇಲ್: amoghkrpuram@gmail.com
ಸಂ.: ಸಾಆಕೃ/ಕ್ಯಾಂಟೀನ್/ಇ-ಟೆಂ/03/24-25	ದಿನಾಂಕ: 04.11.2024
ಇ-ಟೆಂಡರ್ ಅಧಿಸೂಚನೆ
ಸಾರ್ವಜನಿಕ ಆಸ್ಪತ್ರೆ, ಕೆ.ಆರ್. ಪುರ, ಬೆಂಗಳೂರು ಇಲ್ಲಿನ ಆವರಣದಲ್ಲಿ ಉಪಹಾರ ಗೃಹದ ಕಟ್ಟಡವನ್ನು ನಿರ್ಮಾಣ ಮಾಡಲಾಗಿದ್ದು, ಸದರಿ ಉಪಹಾರ ನಿರ್ವಹಣೆಗಾಗಿ (ರಿಯಾಯಿತಿ ದರದಲ್ಲಿ) ಅರ್ಹ ಮತ್ತು ಆಸಕ್ತ ಅರ್ಹ ಮತ್ತು ಆಸಕ್ತ ಸಂಸ್ಥೆಯವರಿಂದ ಕರ್ನಾಟಕ ಸಾರ್ವಜನಿಕ ಸಂಗ್ರಹಣೆಗಳಲ್ಲಿ ಪಾರದರ್ಶಕ ಅಧಿನಿಯಮ 1999 -2000ರ ಪ್ರಕಾರ ದ್ವಿ-ಬಿಡ್ (Technical and Financial) ಪದ್ಧತಿಯಲ್ಲಿ ಇ-ಪ್ರೊಕ್ಯೂರ್‌ಮೆಂಟ್ ಮುಖಾಂತರ ಟೆಂಡರ್ ಆಹ್ವಾನಿಸಲಾಗಿದೆ. ಹೆಚ್ಚಿನ ವಿವರಗಳಿಗಾಗಿ https://kppp.karnataka.gov.in ವೆಬ್‌ಸೈಟ್‌ನಲ್ಲಿ ಟೆಂಡರ್ ಸಂಖ್ಯೆ DHFWS/2024-25/SE1098 ರಲ್ಲಿ ಲಭ್ಯವಿರುತ್ತದೆ. ಹೆಚ್ಚಿನ ಮಾಹಿತಿಗಾಗಿ ದೂ.ಸಂ. 080-2550 1216/227 ಟೆಂಡರ್ ಅನ್ನು ಹಾಗೂ ಎಲ್ಲಾ ಕೆಲಸದ ದಿನಗಳಲ್ಲಿ ಆಸ್ಪತ್ರೆಯ ಕಛೇರಿಯಿಂದ ಪಡೆದುಕೊಳ್ಳಬಹುದು.
ವಿಷಯದ ಷೆಡ್ಯೂಲ್‌ಗಳು: (1) ಅರ್ಜಿ ಸಲ್ಲಿಸಲು ಪ್ರಾರಂಭದ ದಿನಾಂಕ: 05.11.2024ರಂದು ಬೆಳಿಗ್ಗೆ 11:30 ಗಂಟೆಯಿಂದ. (2) ಟೆಂಡರ್ ಸಲ್ಲಿಕೆಗೆ ಕಡೇ ದಿನಾಂಕ ಮತ್ತು ಸಮಯ: 25.11.2024ರಂದು ಸಂಜೆ 5:30 ಗಂಟೆಗೆ. (3) ತಾಂತ್ರಿಕ ಬಿಡ್ಡನ್ನು ತೆರೆಯುವ ದಿನಾಂಕ ಮತ್ತು ಸಮಯ: 26.11.2024ರಂದು ಬೆಳಿಗ್ಗೆ 11:00 ಗಂಟೆಗೆ. (4) ಆರ್ಥಿಕ ಬಿಡ್ಡನ್ನು ತೆರೆಯುವ ದಿನಾಂಕ ಮತ್ತು ಸಮಯ: 27.11.2024ರಂದು ಬೆಳಿಗ್ಗೆ 11:30 ಗಂಟೆಗೆ.
ವಾಸಾಸಂಇ/ವಾಪ್ರ/ಎಲ್‌ಸಿ/2911/2024-25
ಸಹಿ/-, ಟೆಂಡರ್ ಸಮಿತಿ ಅಧ್ಯಕ್ಷರು/ಆಡಳಿತ ವೈದ್ಯಾಧಿಕಾರಿಗಳು
ಸಾರ್ವಜನಿಕ ಆಸ್ಪತ್ರೆ, ಕೆ.ಆರ್.ಪುರ, ಬೆಂಗಳೂರು
ಬೆಂಗಳೂರು ಅಂತರಾಷ್ಟ್ರೀಯ ವಿಮಾನ ನಿಲ್ದಾಣ ಪ್ರದೇಶ ಯೋಜನಾ ಪ್ರಾಧಿಕಾರ, ದೇವನಹಳ್ಳಿ
ನಂ. 333/1, 1ನೇ ಮಹಡಿ, ವಿ.ಜಿ. ಕಾಂಪ್ಲೆಕ್ಸ್, ಸೂಲಿಬೆಲೆ ರಸ್ತೆ, ದೇವನಹಳ್ಳಿ ಟೌನ್, ಬೆಂಗಳೂರು ಗ್ರಾಮಾಂತರ ಜಿಲ್ಲೆ-562 110.
ಸಂ: ಬಿಐಎಎಪಿಎ/ಟಿಪಿ/ಭೂಉಬ/97/2024-25/1832	ದಿನಾಂಕ : 05.11.2024
ಪ್ರಕಟಣೆ
ಕರ್ನಾಟಕ ನಗರ ಮತ್ತು ಗ್ರಾಮಾಂತರ ಯೋಜನಾ ಕಾಯ್ದೆ 1961 ರ ಕಲಂ 14 (ಎ) ರ ಅಡಿಯಲ್ಲಿ ಈ ಕೆಳಕಂಡ ಅರ್ಜಿದಾರರು ವ್ಯವಸಾಯ ಭೂಉಪಯೋಗ ವಲಯದಿಂದ ವಸತಿ ವಲಯಕ್ಕೆ ಭೂಉಪಯೋಗ ಬದಲಾವಣೆ ಕೋರಿ ಅರ್ಜಿ ಸಲ್ಲಿಸಿರುತ್ತಾರೆ. ಭೂಉಪಯೋಗ ಬದಲಾವಣೆಯ ಪ್ರಸ್ತಾವನೆಯ ವಿವರಗಳು ಈ ಕೆಳಕಂಡಂತೆ ಇರುತ್ತದೆ. ಸದರಿ ಭೂಉಪಯೋಗ ಬದಲಾವಣೆ ಪ್ರಸ್ತಾವನೆ ಬಗ್ಗೆ ಯಾವುದೇ ಆಕ್ಷೇಪಣೆಗಳಿದ್ದರೆ, ಈ ಪ್ರಕಟಣೆ ಪ್ರಕಟವಾದ ದಿನಾಂಕದಿಂದ 15 ದಿವಸಗಳೊಳಗಾಗಿ ಆಕ್ಷೇಪಣೆಗಳನ್ನು ಲಿಖಿತವಾಗಿ ಸದಸ್ಯ ಕಾರ್ಯದರ್ಶಿಗಳು, ಬೆಂಗಳೂರು ಅಂತರಾಷ್ಟ್ರೀಯ ವಿಮಾನ ನಿಲ್ದಾಣ ಪ್ರದೇಶ ಯೋಜನಾ ಪ್ರಾಧಿಕಾರ, ದೇವನಹಳ್ಳಿ ಕಛೇರಿಗೆ ಸಲ್ಲಿಸಲು ತಿಳಿಸಲಾಗಿದೆ. ನಿಗಧಿತ ಅವಧಿಯ ನಂತರ ಬರುವ ಯಾವುದೇ ಆಕ್ಷೇಪಣೆಗಳನ್ನು ಪರಿಗಣಿಸುವುದಿಲ್ಲ.
ಕ್ರ ಸಂ	ಅರ್ಜಿದಾರರ ಹೆಸರು	ತಾಲ್ಲೂಕು	ಹೋಬಳಿ	ಗ್ರಾಮದ ವಿವರ	ಸರ್ವೆ ನಂ.	ವಿಸ್ತೀರ್ಣ ಎ-ಗು	ಮಹಾ ಯೋಜನೆಯ ಪ್ರಕಾರ ಭೂ ಉಪಯೋಗ	ಬದಲಾವಣೆ ಕೋರಿರುವ ಭೂ ಉಪಯೋಗ
1.	ಶ್ರೀ ಎಸ್.ಕೆ.ಧ್ರುವ ಯಶವಂತ್ ಬಿನ್ ಎಸ್.ಕೆ.ಕೋದಂಡರಾಮಯ್ಯ	ದೇವನಹಳ್ಳಿ	ಕಸಬಾ	ಚಿಕ್ಕಚೀಮನಹಳ್ಳಿ	24/4	0-20	ವ್ಯವಸಾಯ	ವಸತಿ
2.	ಶ್ರೀ ಸಿ.ಪಿಳ್ಳರಾಜು ಬಿನ್ ಚೌಡಪ್ಪ	ದೇವನಹಳ್ಳಿ	ಕಸಬಾ	ಚಿಕ್ಕಚೀಮನಹಳ್ಳಿ	24/5	0-20	ವ್ಯವಸಾಯ	ವಸತಿ
3.	ಶ್ರೀ ಅಥರ್ವ ಡೆವೆಲಪರ್ಸ್ ಪರವಾಗಿ ಪಾಲುದಾರರಾದ ಶ್ರೀ ರಾಮ್‌ಗೋಪಾಲ್ ವೈ.ಎಂ & ಶ್ರೀ ನಾರಾಯಣಸ್ವಾಮಿ	ದೇವನಹಳ್ಳಿ	ಕಸಬಾ	ಚಿಕ್ಕಚೀಮನಹಳ್ಳಿ	24/9	0-22	ವ್ಯವಸಾಯ	ವಸತಿ
4.	ಶ್ರೀ ಮಧುಕುಮಾರ್ ಬಿನ್ ಸಿದ್ದಪ್ಪ	ದೇವನಹಳ್ಳಿ	ಕಸಬಾ	ಚಿಕ್ಕಚೀಮನಹಳ್ಳಿ	19/2	0-31	ವ್ಯವಸಾಯ	ವಸತಿ
5.	ಶ್ರೀಮತಿ ಚನ್ನಮ್ಮ ಕೋಂ ಆರ್.ರವಿ	ದೇವನಹಳ್ಳಿ	ಕಸಬಾ	ಚಿಕ್ಕಚೀಮನಹಳ್ಳಿ	10/3	1-0.08	ವ್ಯವಸಾಯ	ವಸತಿ
6.	ಶ್ರೀ ನಾರಾಯಣಸ್ವಾಮಿ ಬಿನ್ ಆಂಜಿನಪ್ಪ & ಶ್ರೀ ಮುನಿರಾಜು ಬಿನ್ ಆಂಜಿನಪ್ಪ	ದೇವನಹಳ್ಳಿ	ಕಸಬಾ	ಚಿಕ್ಕಚೀಮನಹಳ್ಳಿ	11/1	2-06.08	ವ್ಯವಸಾಯ	ವಸತಿ
7.	ಶ್ರೀ ಎಂ.ಬೀರಪ್ಪ ಬಿನ್ ಲೇ॥ ಮುನಿಯಪ್ಪ, ಶ್ರೀ ಎಂ.ಚಂದ್ರಪ್ಪ ಬಿನ್ ಲೇ॥ ಮುನಿಯಪ್ಪ & ಶ್ರೀ ಎಂ.ಶಿವಣ್ಣ ಬಿನ್ ಲೇ॥ ಮುನಿಯಪ್ಪ	ದೇವನಹಳ್ಳಿ	ಕಸಬಾ	ಚಿಕ್ಕಚೀಮನಹಳ್ಳಿ	13/1	0-32	ವ್ಯವಸಾಯ	ವಸತಿ
8.	ಶ್ರೀ ಲಕ್ಕಣ್ಣ ಬಿನ್ ಲೇ॥ ದೊಡ್ಡಸಂಜೀವಪ್ಪ	ದೇವನಹಳ್ಳಿ	ಕಸಬಾ	ಚಿಕ್ಕಚೀಮನಹಳ್ಳಿ	17/3	1-04+ 0-01 ಗು 'ಎ' ಖರಾಬು	ವ್ಯವಸಾಯ	ವಸತಿ
9.	ಶ್ರೀಮತಿ ಗಂಗಮ್ಮ ಕೋಂ ಲೇ॥ ನಂಜುಂಡಪ್ಪ	ದೇವನಹಳ್ಳಿ	ಕಸಬಾ	ಚಿಕ್ಕಚೀಮನಹಳ್ಳಿ	14/3	1-18	ವ್ಯವಸಾಯ	ವಸತಿ
10.	ಶ್ರೀಮತಿ ಎಲ್.ಶೈಲ ಕೋಂ ಸುರೇಶ್	ದೇವನಹಳ್ಳಿ	ಕಸಬಾ	ಚಿಕ್ಕಚೀಮನಹಳ್ಳಿ	20/7	0-13.12	ವ್ಯವಸಾಯ	ವಸತಿ
11.	ಶ್ರೀಮತಿ ಭಾವನ.ಸಿ ಕೋಂ ಹರೀಶ್ ಹೆಚ್.ಕೆ & ಶ್ರೀಮತಿ ಅರುಂಧತಿ ಬಿ.ಆರ್ ಕೋಂ ಅಜಿತ್ ಕೆ	ದೇವನಹಳ್ಳಿ	ಕಸಬಾ	ಚಿಕ್ಕಚೀಮನಹಳ್ಳಿ	13/2	0-33	ವ್ಯವಸಾಯ	ವಸತಿ
12.	ಶ್ರೀಮತಿ ಸಿ.ಮಂಜುನಾಥ್ ಬಿನ್ ಲೇ॥ ಚಿಕ್ಕಬೀರಪ್ಪ, ಶ್ರೀ ಅನುಷ್ ಎಲ್ ಬಿನ್ ಲಕ್ಷ್ಮೀನಾರಾಯಣ ಸಿ, ಶ್ರೀ ಶರತ್ ಪಟೇಲ್ ಎನ್ ಬಿನ್ ಸಿ.ನಾಗೇಶ್ & ಶ್ರೀ ಮನೋಜ್ ಕುಮಾರ್ ಎನ್ ಬಿನ್ ನಾಗೇಶ್	ದೇವನಹಳ್ಳಿ	ಕಸಬಾ	ಚಿಕ್ಕಚೀಮನಹಳ್ಳಿ	19/1	0-32	ವ್ಯವಸಾಯ	ವಸತಿ
13.	ಶ್ರೀ ಎಂ.ಚಂದ್ರಪ್ಪ ಬಿನ್ ಲೇ॥ ಮುನಿಯಪ್ಪ	ದೇವನಹಳ್ಳಿ	ಕಸಬಾ	ಚಿಕ್ಕಚೀಮನಹಳ್ಳಿ	14/5	0-06	ವ್ಯವಸಾಯ	ವಸತಿ
14.	ಶ್ರೀಮತಿ ಶಕುಂತಲಮ್ಮ - ಲೇ॥ ಸಿ.ಎಂ.ತ್ಯಾಗರಾಜು	ದೇವನಹಳ್ಳಿ	ಕಸಬಾ	ಚಿಕ್ಕಚೀಮನಹಳ್ಳಿ	23	1-27+0-01 ಗು 'ಎ' ಖರಾಬು	ವ್ಯವಸಾಯ	ವಸತಿ
15.	ಶ್ರೀಮತಿ ಗಾಯಿತ್ರಿ ಎಂ ಕೋಂ ಮುನಿರಾಜು ಎಂ.ಪಿ & ಶ್ರೀಮತಿ ಪಲ್ಲವಿ ಕೋಂ ದೇವರಾಜ್ ಜಿ.ಎಂ	ದೇವನಹಳ್ಳಿ	ಕಸಬಾ	ಚಿಕ್ಕಚೀಮನಹಳ್ಳಿ	13/3	0-32	ವ್ಯವಸಾಯ	ವಸತಿ
16.	ಶ್ರೀಮತಿ ಶಕುಂತಲಮ್ಮ ಕೋಂ ಸಿ.ಎಂ.ತ್ಯಾಗರಾಜು	ದೇವನಹಳ್ಳಿ	ಕಸಬಾ	ಚಿಕ್ಕಚೀಮನಹಳ್ಳಿ	20/6	0-27	ವ್ಯವಸಾಯ	ವಸತಿ
17.	ಶ್ರೀ ಮಂಜುನಾಥ - ಲೇ॥ ಚಿಕ್ಕಬೀರಪ್ಪ	ದೇವನಹಳ್ಳಿ	ಕಸಬಾ	ಚಿಕ್ಕಚೀಮನಹಳ್ಳಿ	20/1	0-27.08	ವ್ಯವಸಾಯ	ವಸತಿ
18.	ಶ್ರೀ ಮೋಹನ್ ಕುಮಾರ್ ಬಿನ್ ಸಿದ್ದಪ್ಪ	ದೇವನಹಳ್ಳಿ	ಕಸಬಾ	ಚಿಕ್ಕಚೀಮನಹಳ್ಳಿ	20/4	0-14	ವ್ಯವಸಾಯ	ವಸತಿ
19.	ಶ್ರೀಮತಿ ಸತ್ಯಮ್ಮ ಕೋಂ ಮುನಿರಾಜು	ದೇವನಹಳ್ಳಿ	ಕಸಬಾ	ಚಿಕ್ಕಚೀಮನಹಳ್ಳಿ	14/1	0-35	ವ್ಯವಸಾಯ	ವಸತಿ
20.	ಶ್ರೀ ದ್ಯಾವಪ್ಪ ಬಿನ್ ಲೇ॥ ಹನುಮಂತಪ್ಪ	ದೇವನಹಳ್ಳಿ	ಕಸಬಾ	ಚಿಕ್ಕಚೀಮನಹಳ್ಳಿ	14/2	0-35	ವ್ಯವಸಾಯ	ವಸತಿ
ಷರಾ :- ಪ್ರಸ್ತಾವನೆಯಲ್ಲಿನ ಅರ್ಜಿದಾರರುಗಳು ಪ್ರಶ್ನಿತ ಜಮೀನುಗಳನ್ನು ವ್ಯವಸಾಯ ಉಪಯೋಗಕ್ಕೆ ಬಳಸಿಕೊಳ್ಳಲು ಸಾಧ್ಯವಾಗುತ್ತಿಲ್ಲವೆಂದೂ, ಹಾಗೂ ಪರಿಸರದಲ್ಲಿ ವಾಸದ ಬೆಳವಣಿಗೆಗೆ ಅತಿ ಹೆಚ್ಚು ಬೇಡಿಕೆ ಇದ್ದು, ಸದರಿ ಜಮೀನುಗಳನ್ನು ವ್ಯವಸಾಯ ವಲಯದಿಂದ ವಸತಿ ವಲಯಕ್ಕೆ ಭೂಉಪಯೋಗ ಬದಲಾವಣೆಗೊಂಡ ನಂತರ ವಸತಿ ಉದ್ದೇಶಕ್ಕೆ ಭೂಪರಿವರ್ತಿಸಿ, ಪ್ರಾಧಿಕಾರದಿಂದ ಅನುಮೋದನೆ ಪಡೆದು, ಯೋಜನಾ ಬದ್ಧ ಅಭಿವೃದ್ಧಿ ಕಾರ್ಯಗಳಿಂದ ಸ್ಥಳೀಯರಿಗೆ ಉದ್ಯೋಗಾವಕಾಶ ಸೃಷ್ಟಿ ಹಾಗೂ ಮೂಲ ಸೌಕರ್ಯ ಅಭಿವೃದ್ಧಿಯಾಗುವುದರಿಂದ ಸಾರ್ವಜನಿಕ ಹಿತಾಸಕ್ತಿ ಅಂಶ ಅಡಗಿದೆ ಎಂದು ತಿಳಿಸುತ್ತಾ ಸದರಿ ಪ್ರದೇಶವನ್ನು 'ವ್ಯವಸಾಯ ಭೂಉಪಯೋಗ ವಲಯ' ದಿಂದ 'ವಸತಿ ವಲಯ' ಕ್ಕೆ ಭೂಉಪಯೋಗ ಬದಲಾವಣೆ ಮಾಡಿಕೊಳ್ಳಲು ಇಚ್ಛಿಸಿರುವುದಾಗಿ ತಿಳಿಸಿರುತ್ತಾರೆ.
ವಾ.ಸಾ.ಸಂ.ಇ/ವಾಪ್ರ/2944/2024-25
ಸಹಿ/- ನಗರ ಮತ್ತು ಗ್ರಾಮಾಂತರ ಯೋಜನಾ ಜಂಟಿ ನಿರ್ದೇಶಕರು
ಹಾಗೂ ಸದಸ್ಯ ಕಾರ್ಯದರ್ಶಿಗಳು, ಬಿ.ಐ.ಎ.ಎ.ಪಿ.ಎ, ದೇವನಹಳ್ಳಿ
